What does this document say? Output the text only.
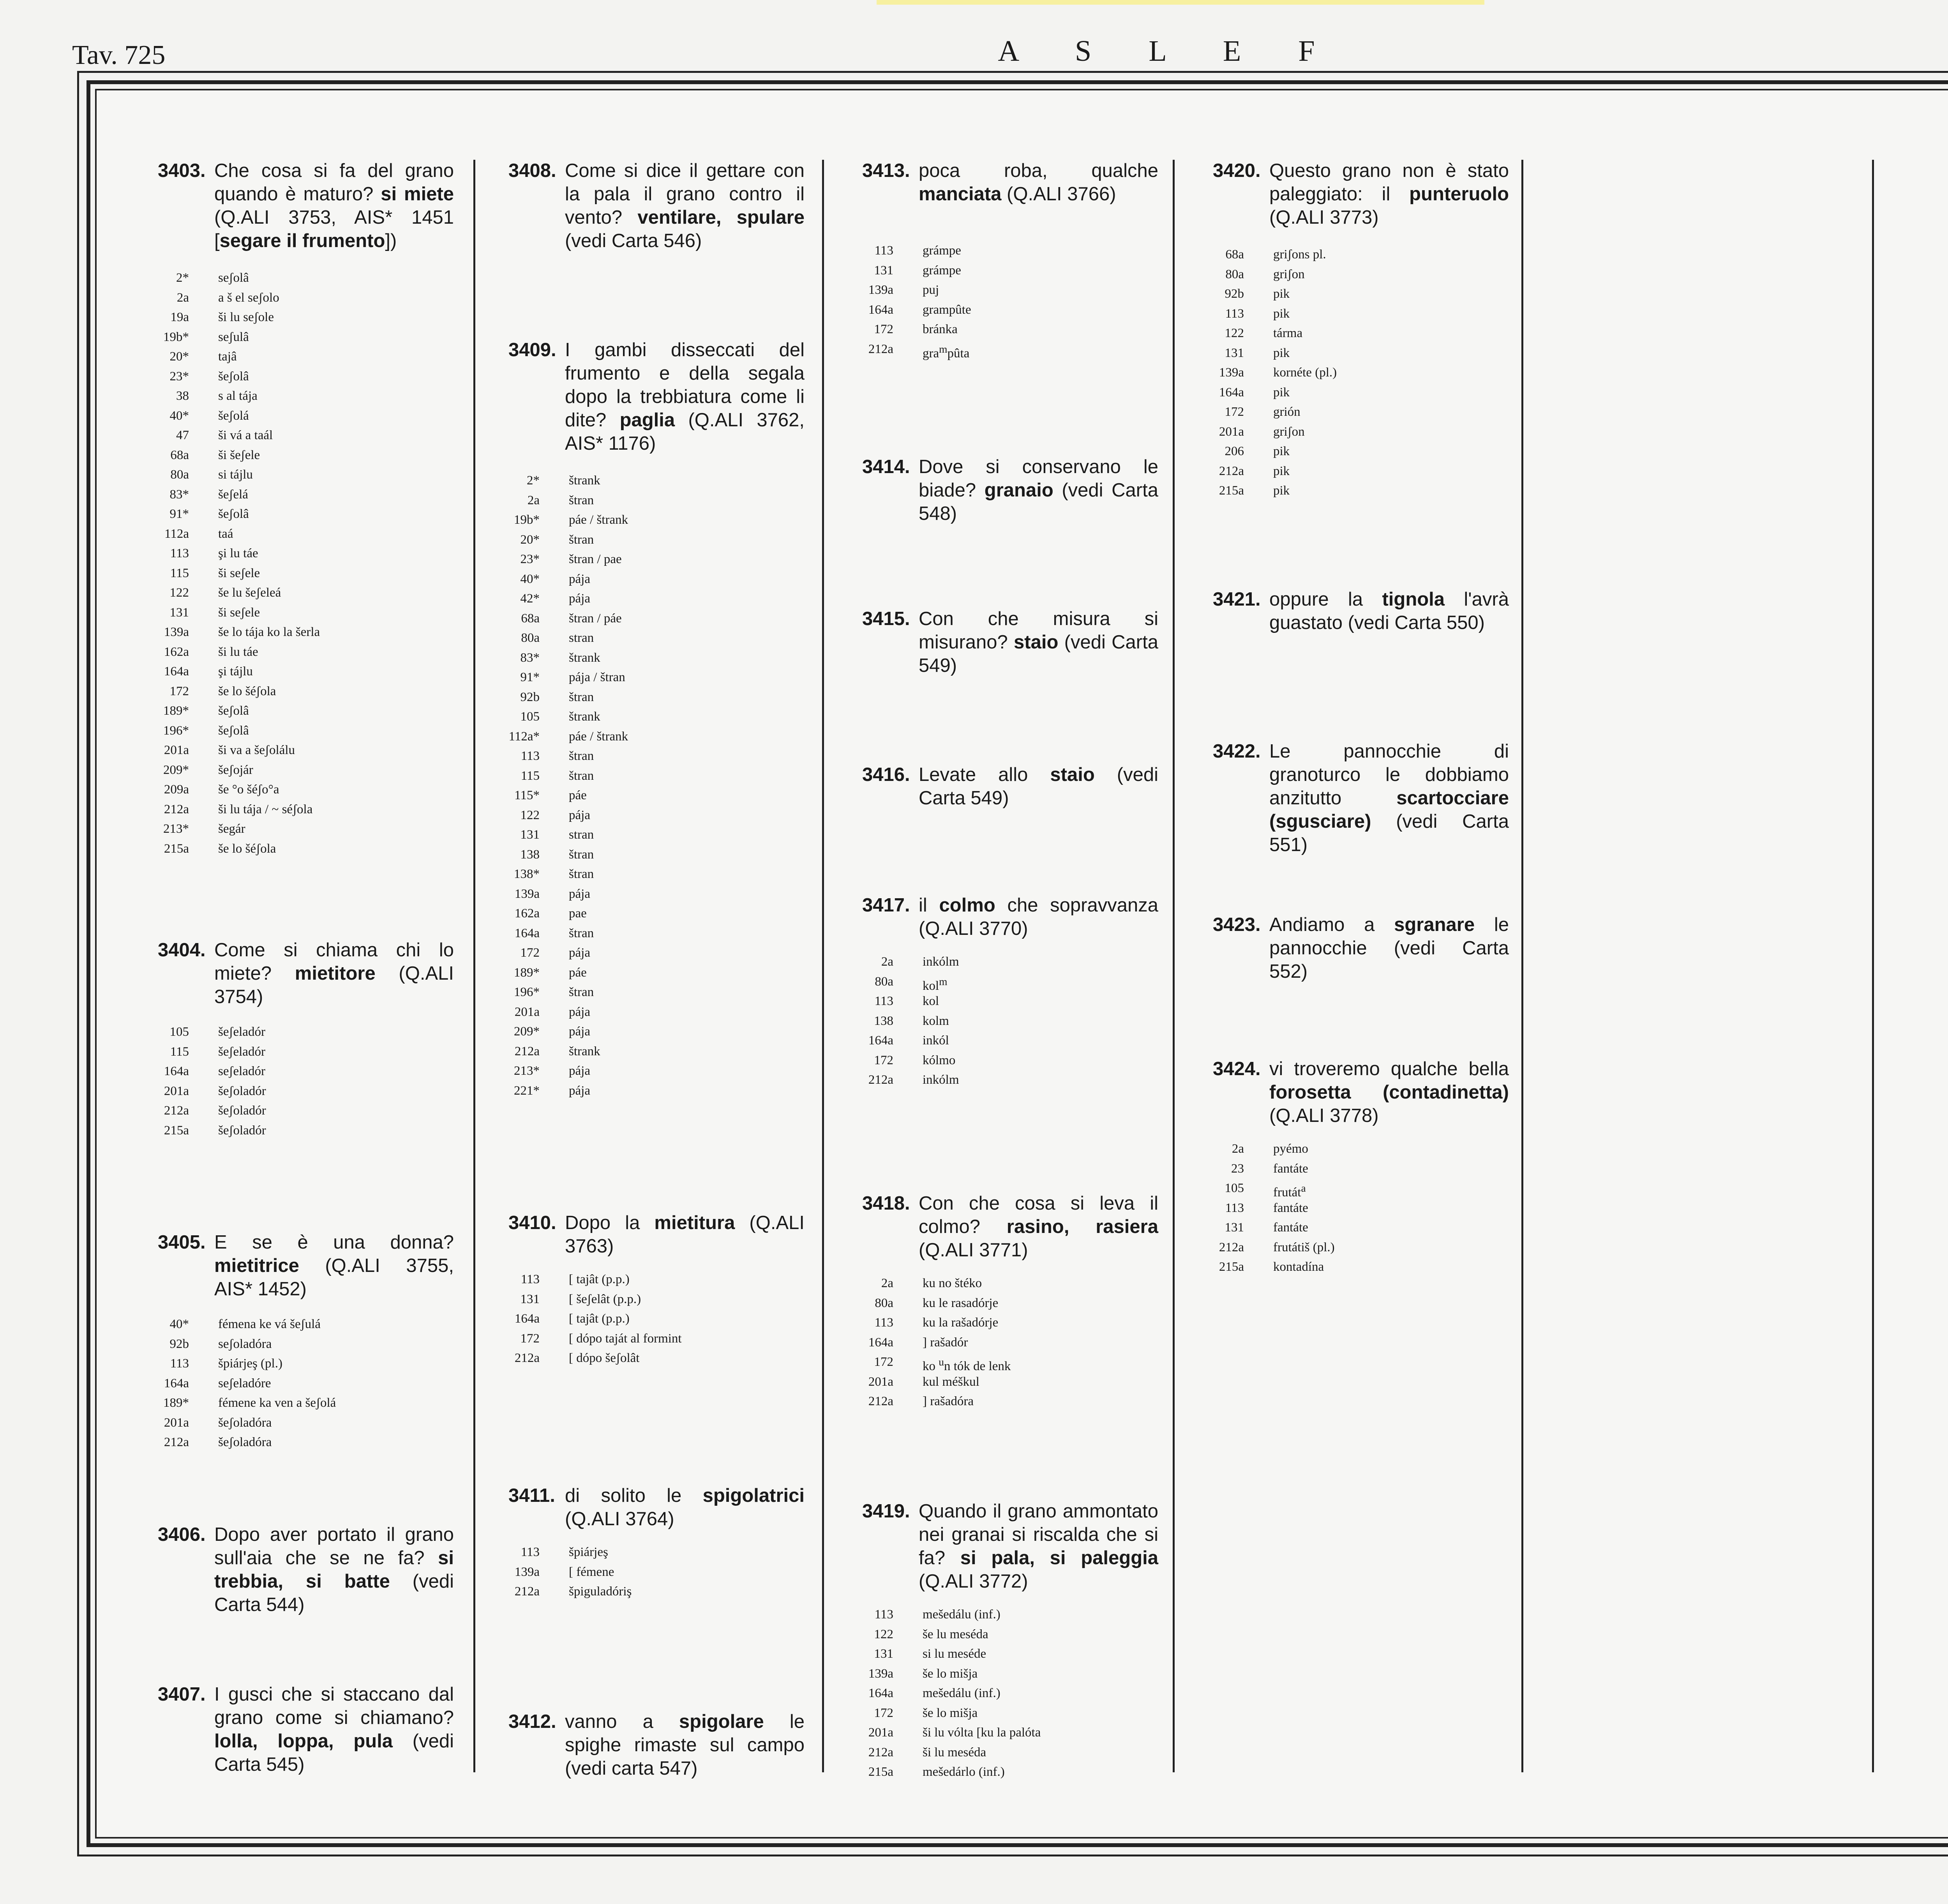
Tav. 725	A S L E F
3403. Che cosa si fa del grano quando è maturo? si miete (Q.ALI 3753, AIS* 1451 [segare il frumento])
2* seʃolâ
2a a š el seʃolo
19a ši lu seʃole
19b* seʃulâ
20* tajâ
23* šeʃolâ
38 s al tája
40* šeʃolá
47 ši vá a taál
68a ši šeʃele
80a si tájlu
83* šeʃelá
91* šeʃolâ
112a taá
113 şi lu táe
115 ši seʃele
122 še lu šeʃeleá
131 ši seʃele
139a še lo tája ko la šerla
162a ši lu táe
164a şi tájlu
172 še lo šéʃola
189* šeʃolâ
196* šeʃolâ
201a ši va a šeʃolálu
209* šeʃojár
209a še °o šéʃo°a
212a ši lu tája / ~ séʃola
213* šegár
215a še lo šéʃola
3404. Come si chiama chi lo miete? mietitore (Q.ALI 3754)
105 šeʃeladór
115 šeʃeladór
164a seʃeladór
201a šeʃoladór
212a šeʃoladór
215a šeʃoladór
3405. E se è una donna? mietitrice (Q.ALI 3755, AIS* 1452)
40* fémena ke vá šeʃulá
92b seʃoladóra
113 špiárjeş (pl.)
164a seʃeladóre
189* fémene ka ven a šeʃolá
201a šeʃoladóra
212a šeʃoladóra
3406. Dopo aver portato il grano sull'aia che se ne fa? si trebbia, si batte (vedi Carta 544)
3407. I gusci che si staccano dal grano come si chiamano? lolla, loppa, pula (vedi Carta 545)
3408. Come si dice il gettare con la pala il grano contro il vento? ventilare, spulare (vedi Carta 546)
3409. I gambi disseccati del frumento e della segala dopo la trebbiatura come li dite? paglia (Q.ALI 3762, AIS* 1176)
2* štrank
2a štran
19b* páe / štrank
20* štran
23* štran / pae
40* pája
42* pája
68a štran / páe
80a stran
83* štrank
91* pája / štran
92b štran
105 štrank
112a* páe / štrank
113 štran
115 štran
115* páe
122 pája
131 stran
138 štran
138* štran
139a pája
162a pae
164a štran
172 pája
189* páe
196* štran
201a pája
209* pája
212a štrank
213* pája
221* pája
3410. Dopo la mietitura (Q.ALI 3763)
113 [ tajât (p.p.)
131 [ šeʃelât (p.p.)
164a [ tajât (p.p.)
172 [ dópo taját al formint
212a [ dópo šeʃolât
3411. di solito le spigolatrici (Q.ALI 3764)
113 špiárjeş
139a [ fémene
212a špiguladóriş
3412. vanno a spigolare le spighe rimaste sul campo (vedi carta 547)
3413. poca roba, qualche manciata (Q.ALI 3766)
113 grámpe
131 grámpe
139a puj
164a grampûte
172 bránka
212a gra$^m$pûta
3414. Dove si conservano le biade? granaio (vedi Carta 548)
3415. Con che misura si misurano? staio (vedi Carta 549)
3416. Levate allo staio (vedi Carta 549)
3417. il colmo che sopravvanza (Q.ALI 3770)
2a inkólm
80a kol$^m$
113 kol
138 kolm
164a inkól
172 kólmo
212a inkólm
3418. Con che cosa si leva il colmo? rasino, rasiera (Q.ALI 3771)
2a ku no štéko
80a ku le rasadórje
113 ku la rašadórje
164a ] rašadór
172 ko $^u$n tók de lenk
201a kul méškul
212a ] rašadóra
3419. Quando il grano ammontato nei granai si riscalda che si fa? si pala, si paleggia (Q.ALI 3772)
113 mešedálu (inf.)
122 še lu meséda
131 si lu meséde
139a še lo mišja
164a mešedálu (inf.)
172 še lo mišja
201a ši lu vólta [ku la palóta
212a ši lu meséda
215a mešedárlo (inf.)
3420. Questo grano non è stato paleggiato: il punteruolo (Q.ALI 3773)
68a griʃons pl.
80a griʃon
92b pik
113 pik
122 tárma
131 pik
139a kornéte (pl.)
164a pik
172 grión
201a griʃon
206 pik
212a pik
215a pik
3421. oppure la tignola l'avrà guastato (vedi Carta 550)
3422. Le pannocchie di granoturco le dobbiamo anzitutto scartocciare (sgusciare) (vedi Carta 551)
3423. Andiamo a sgranare le pannocchie (vedi Carta 552)
3424. vi troveremo qualche bella forosetta (contadinetta) (Q.ALI 3778)
2a pyémo
23 fantáte
105 frutát$^a$
113 fantáte
131 fantáte
212a frutátiš (pl.)
215a kontadína
